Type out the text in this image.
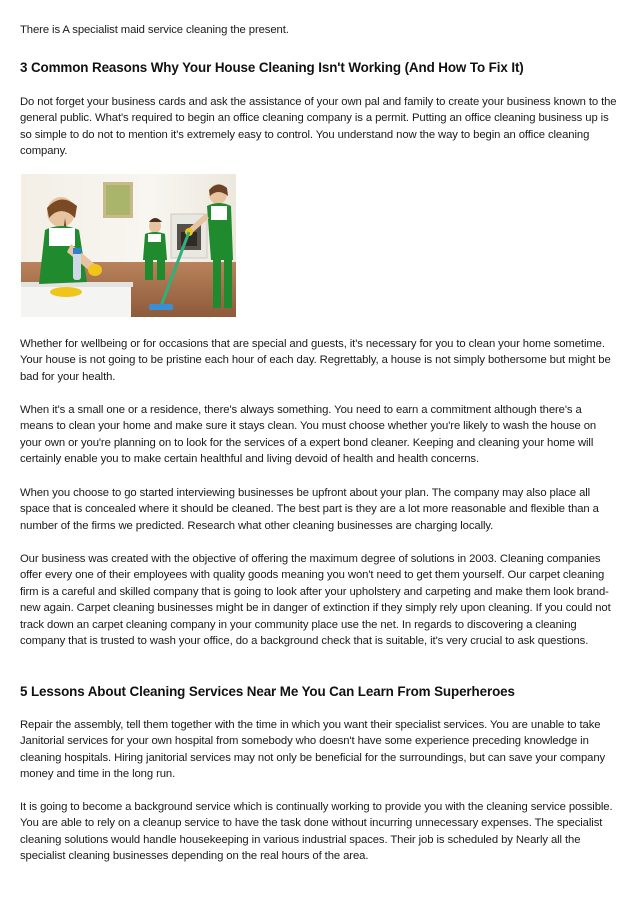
There is A specialist maid service cleaning the present.

3 Common Reasons Why Your House Cleaning Isn't Working (And How To Fix It)

Do not forget your business cards and ask the assistance of your own pal and family to create your business known to the general public. What's required to begin an office cleaning company is a permit. Putting an office cleaning business up is so simple to do not to mention it's extremely easy to control. You understand now the way to begin an office cleaning company.

Whether for wellbeing or for occasions that are special and guests, it's necessary for you to clean your home sometime. Your house is not going to be pristine each hour of each day. Regrettably, a house is not simply bothersome but might be bad for your health.

When it's a small one or a residence, there's always something. You need to earn a commitment although there's a means to clean your home and make sure it stays clean. You must choose whether you're likely to wash the house on your own or you're planning on to look for the services of a expert bond cleaner. Keeping and cleaning your home will certainly enable you to make certain healthful and living devoid of health and health concerns.

When you choose to go started interviewing businesses be upfront about your plan. The company may also place all space that is concealed where it should be cleaned. The best part is they are a lot more reasonable and flexible than a number of the firms we predicted. Research what other cleaning businesses are charging locally.

Our business was created with the objective of offering the maximum degree of solutions in 2003. Cleaning companies offer every one of their employees with quality goods meaning you won't need to get them yourself. Our carpet cleaning firm is a careful and skilled company that is going to look after your upholstery and carpeting and make them look brand-new again. Carpet cleaning businesses might be in danger of extinction if they simply rely upon cleaning. If you could not track down an carpet cleaning company in your community place use the net. In regards to discovering a cleaning company that is trusted to wash your office, do a background check that is suitable, it's very crucial to ask questions.

5 Lessons About Cleaning Services Near Me You Can Learn From Superheroes

Repair the assembly, tell them together with the time in which you want their specialist services. You are unable to take Janitorial services for your own hospital from somebody who doesn't have some experience preceding knowledge in cleaning hospitals. Hiring janitorial services may not only be beneficial for the surroundings, but can save your company money and time in the long run.

It is going to become a background service which is continually working to provide you with the cleaning service possible. You are able to rely on a cleanup service to have the task done without incurring unnecessary expenses. The specialist cleaning solutions would handle housekeeping in various industrial spaces. Their job is scheduled by Nearly all the specialist cleaning businesses depending on the real hours of the area.
